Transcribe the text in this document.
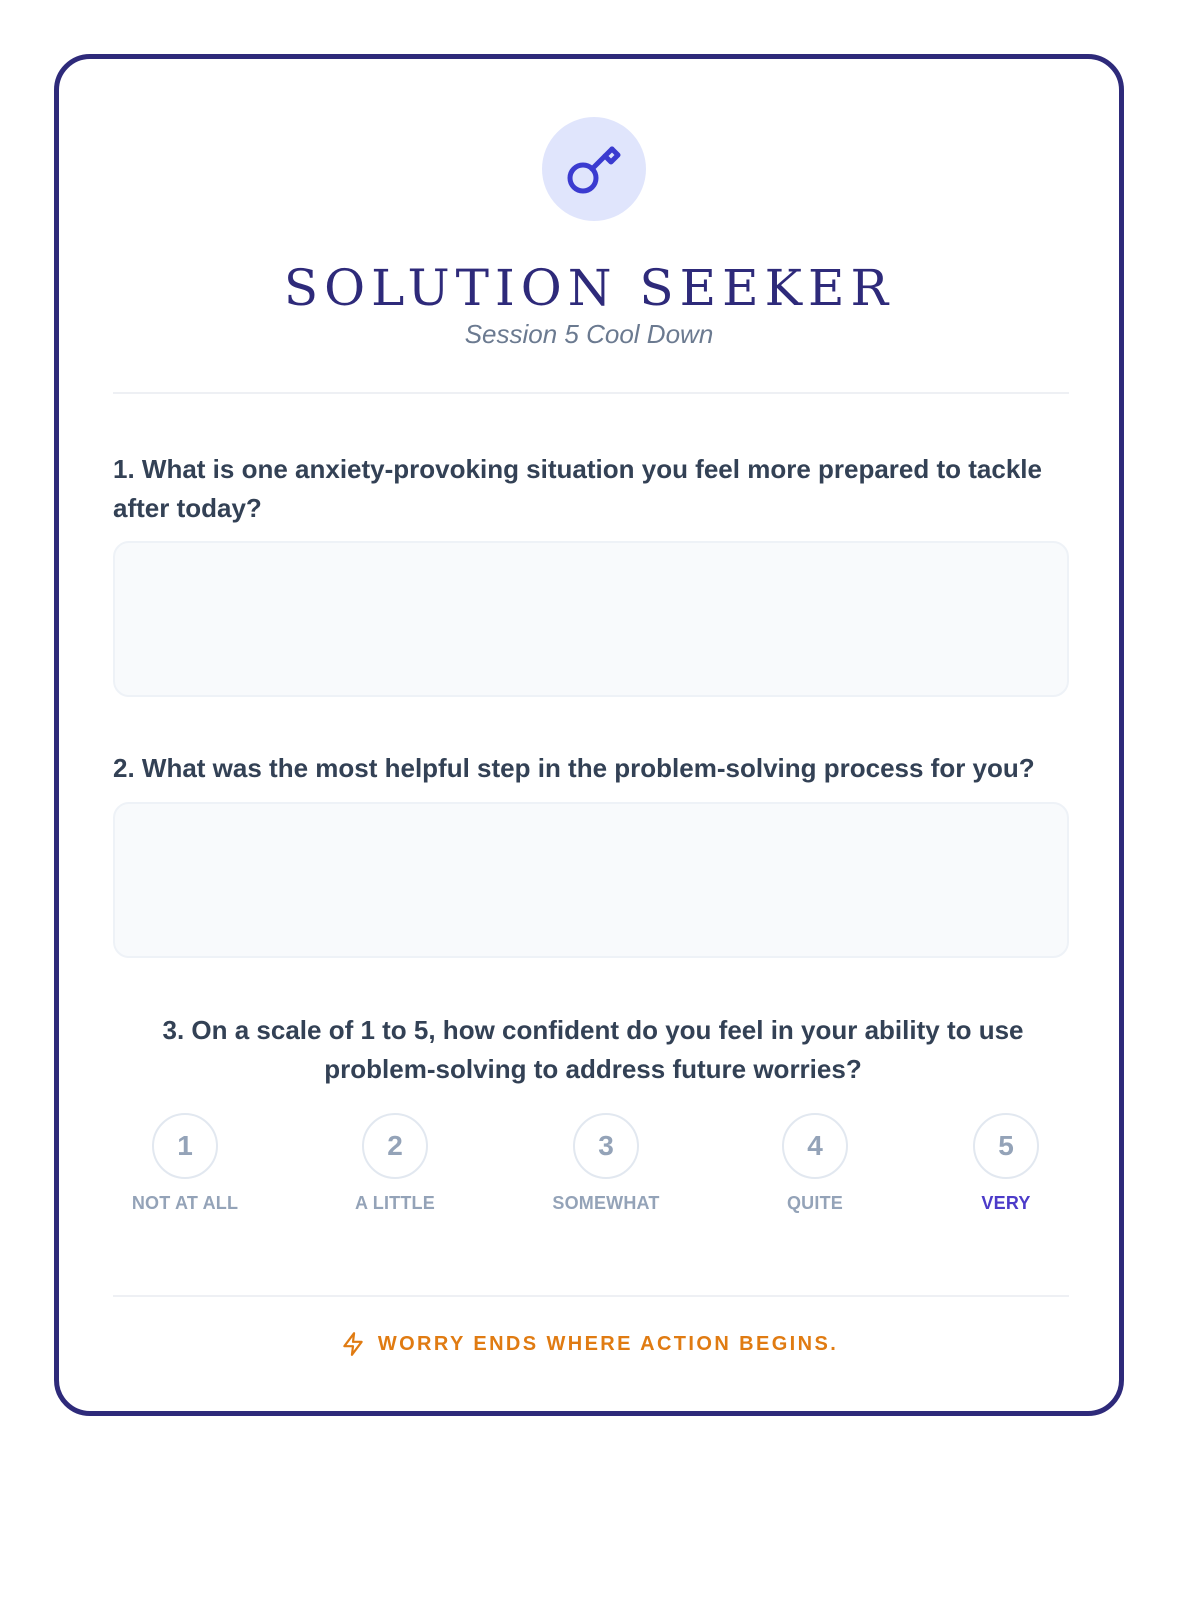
SOLUTION SEEKER
Session 5 Cool Down
1. What is one anxiety-provoking situation you feel more prepared to tackle after today?
2. What was the most helpful step in the problem-solving process for you?
3. On a scale of 1 to 5, how confident do you feel in your ability to use problem-solving to address future worries?
1
NOT AT ALL
2
A LITTLE
3
SOMEWHAT
4
QUITE
5
VERY
WORRY ENDS WHERE ACTION BEGINS.
